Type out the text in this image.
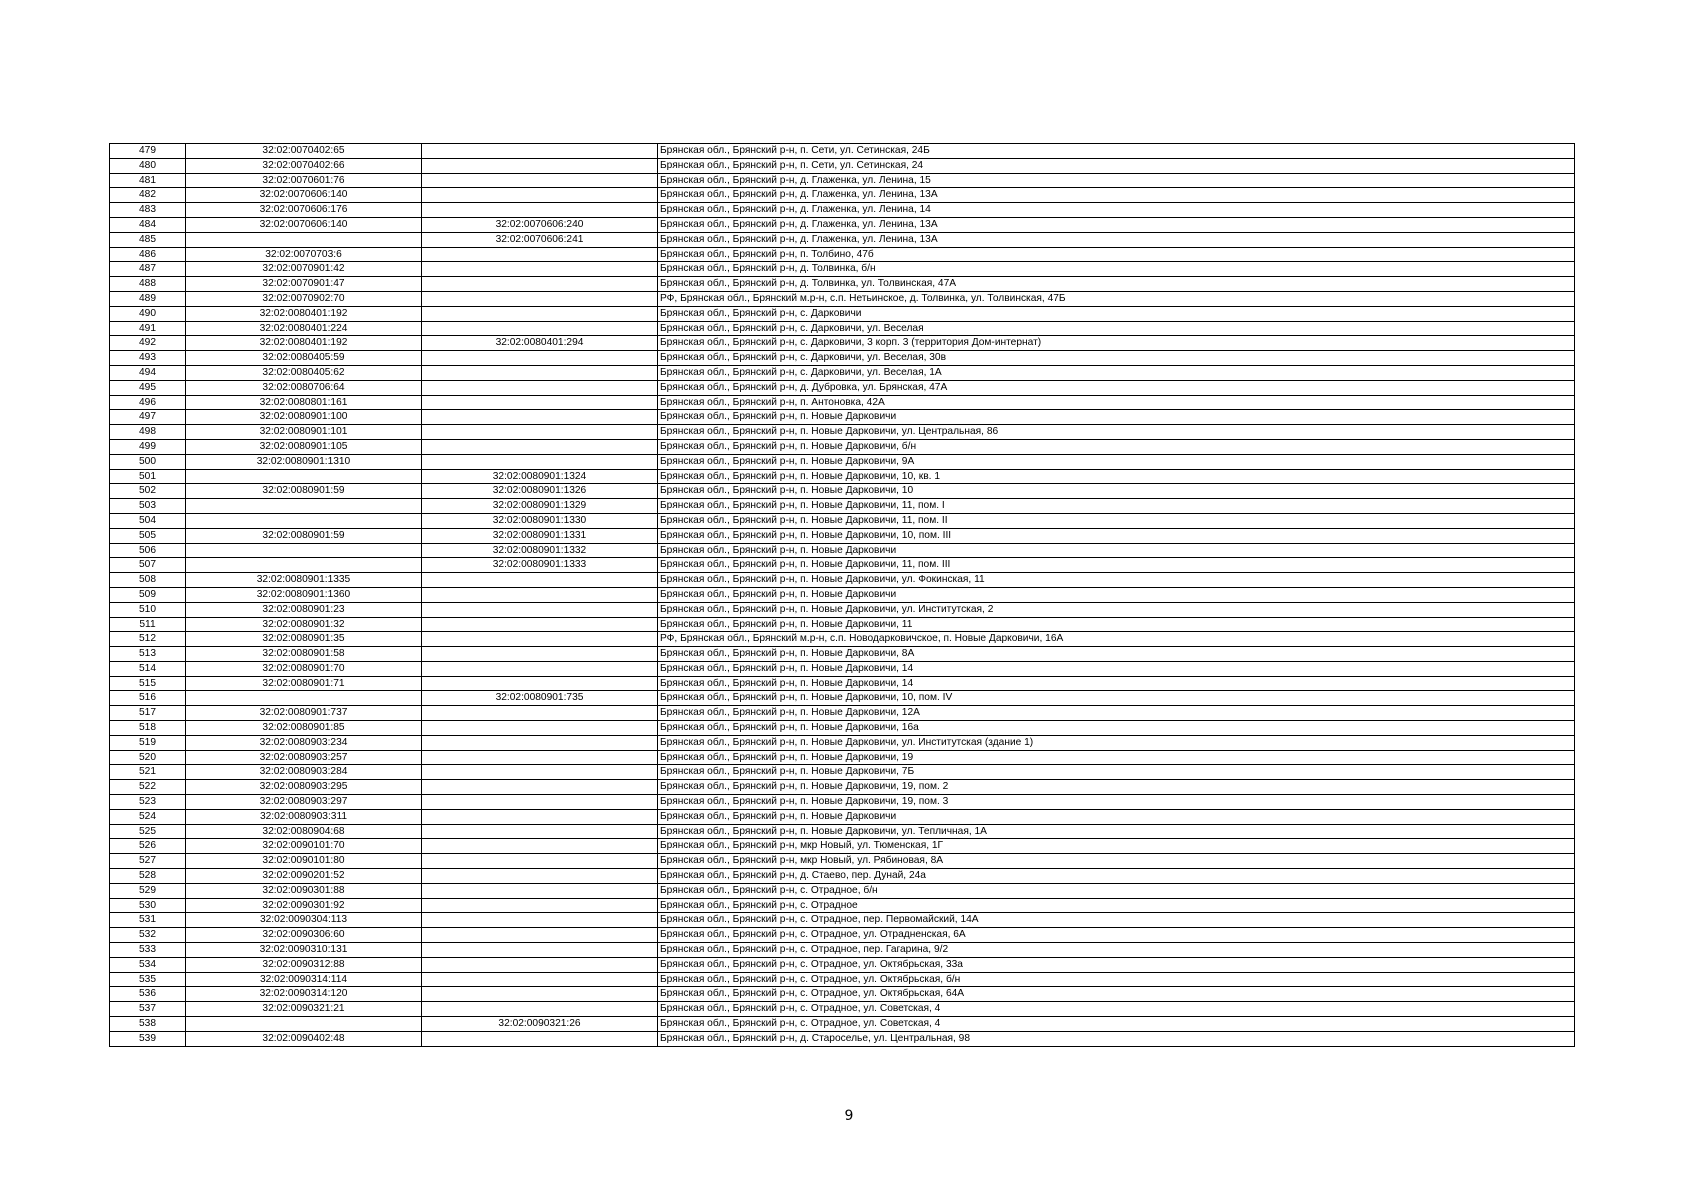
479	32:02:0070402:65		Брянская обл., Брянский р-н, п. Сети, ул. Сетинская, 24Б
480	32:02:0070402:66		Брянская обл., Брянский р-н, п. Сети, ул. Сетинская, 24
481	32:02:0070601:76		Брянская обл., Брянский р-н, д. Глаженка, ул. Ленина, 15
482	32:02:0070606:140		Брянская обл., Брянский р-н, д. Глаженка, ул. Ленина, 13А
483	32:02:0070606:176		Брянская обл., Брянский р-н, д. Глаженка, ул. Ленина, 14
484	32:02:0070606:140	32:02:0070606:240	Брянская обл., Брянский р-н, д. Глаженка, ул. Ленина, 13А
485		32:02:0070606:241	Брянская обл., Брянский р-н, д. Глаженка, ул. Ленина, 13А
486	32:02:0070703:6		Брянская обл., Брянский р-н, п. Толбино, 47б
487	32:02:0070901:42		Брянская обл., Брянский р-н, д. Толвинка, б/н
488	32:02:0070901:47		Брянская обл., Брянский р-н, д. Толвинка, ул. Толвинская, 47А
489	32:02:0070902:70		РФ, Брянская обл., Брянский м.р-н, с.п. Нетьинское, д. Толвинка, ул. Толвинская, 47Б
490	32:02:0080401:192		Брянская обл., Брянский р-н, с. Дарковичи
491	32:02:0080401:224		Брянская обл., Брянский р-н, с. Дарковичи, ул. Веселая
492	32:02:0080401:192	32:02:0080401:294	Брянская обл., Брянский р-н, с. Дарковичи, 3 корп. 3 (территория Дом-интернат)
493	32:02:0080405:59		Брянская обл., Брянский р-н, с. Дарковичи, ул. Веселая, 30в
494	32:02:0080405:62		Брянская обл., Брянский р-н, с. Дарковичи, ул. Веселая, 1А
495	32:02:0080706:64		Брянская обл., Брянский р-н, д. Дубровка, ул. Брянская, 47А
496	32:02:0080801:161		Брянская обл., Брянский р-н, п. Антоновка, 42А
497	32:02:0080901:100		Брянская обл., Брянский р-н, п. Новые Дарковичи
498	32:02:0080901:101		Брянская обл., Брянский р-н, п. Новые Дарковичи, ул. Центральная, 86
499	32:02:0080901:105		Брянская обл., Брянский р-н, п. Новые Дарковичи, б/н
500	32:02:0080901:1310		Брянская обл., Брянский р-н, п. Новые Дарковичи, 9А
501		32:02:0080901:1324	Брянская обл., Брянский р-н, п. Новые Дарковичи, 10, кв. 1
502	32:02:0080901:59	32:02:0080901:1326	Брянская обл., Брянский р-н, п. Новые Дарковичи, 10
503		32:02:0080901:1329	Брянская обл., Брянский р-н, п. Новые Дарковичи, 11, пом. I
504		32:02:0080901:1330	Брянская обл., Брянский р-н, п. Новые Дарковичи, 11, пом. II
505	32:02:0080901:59	32:02:0080901:1331	Брянская обл., Брянский р-н, п. Новые Дарковичи, 10, пом. III
506		32:02:0080901:1332	Брянская обл., Брянский р-н, п. Новые Дарковичи
507		32:02:0080901:1333	Брянская обл., Брянский р-н, п. Новые Дарковичи, 11, пом. III
508	32:02:0080901:1335		Брянская обл., Брянский р-н, п. Новые Дарковичи, ул. Фокинская, 11
509	32:02:0080901:1360		Брянская обл., Брянский р-н, п. Новые Дарковичи
510	32:02:0080901:23		Брянская обл., Брянский р-н, п. Новые Дарковичи, ул. Институтская, 2
511	32:02:0080901:32		Брянская обл., Брянский р-н, п. Новые Дарковичи, 11
512	32:02:0080901:35		РФ, Брянская обл., Брянский м.р-н, с.п. Новодарковичское, п. Новые Дарковичи, 16А
513	32:02:0080901:58		Брянская обл., Брянский р-н, п. Новые Дарковичи, 8А
514	32:02:0080901:70		Брянская обл., Брянский р-н, п. Новые Дарковичи, 14
515	32:02:0080901:71		Брянская обл., Брянский р-н, п. Новые Дарковичи, 14
516		32:02:0080901:735	Брянская обл., Брянский р-н, п. Новые Дарковичи, 10, пом. IV
517	32:02:0080901:737		Брянская обл., Брянский р-н, п. Новые Дарковичи, 12А
518	32:02:0080901:85		Брянская обл., Брянский р-н, п. Новые Дарковичи, 16а
519	32:02:0080903:234		Брянская обл., Брянский р-н, п. Новые Дарковичи, ул. Институтская (здание 1)
520	32:02:0080903:257		Брянская обл., Брянский р-н, п. Новые Дарковичи, 19
521	32:02:0080903:284		Брянская обл., Брянский р-н, п. Новые Дарковичи, 7Б
522	32:02:0080903:295		Брянская обл., Брянский р-н, п. Новые Дарковичи, 19, пом. 2
523	32:02:0080903:297		Брянская обл., Брянский р-н, п. Новые Дарковичи, 19, пом. 3
524	32:02:0080903:311		Брянская обл., Брянский р-н, п. Новые Дарковичи
525	32:02:0080904:68		Брянская обл., Брянский р-н, п. Новые Дарковичи, ул. Тепличная, 1А
526	32:02:0090101:70		Брянская обл., Брянский р-н, мкр Новый, ул. Тюменская, 1Г
527	32:02:0090101:80		Брянская обл., Брянский р-н, мкр Новый, ул. Рябиновая, 8А
528	32:02:0090201:52		Брянская обл., Брянский р-н, д. Стаево, пер. Дунай, 24а
529	32:02:0090301:88		Брянская обл., Брянский р-н, с. Отрадное, б/н
530	32:02:0090301:92		Брянская обл., Брянский р-н, с. Отрадное
531	32:02:0090304:113		Брянская обл., Брянский р-н, с. Отрадное, пер. Первомайский, 14А
532	32:02:0090306:60		Брянская обл., Брянский р-н, с. Отрадное, ул. Отрадненская, 6А
533	32:02:0090310:131		Брянская обл., Брянский р-н, с. Отрадное, пер. Гагарина, 9/2
534	32:02:0090312:88		Брянская обл., Брянский р-н, с. Отрадное, ул. Октябрьская, 33а
535	32:02:0090314:114		Брянская обл., Брянский р-н, с. Отрадное, ул. Октябрьская, б/н
536	32:02:0090314:120		Брянская обл., Брянский р-н, с. Отрадное, ул. Октябрьская, 64А
537	32:02:0090321:21		Брянская обл., Брянский р-н, с. Отрадное, ул. Советская, 4
538		32:02:0090321:26	Брянская обл., Брянский р-н, с. Отрадное, ул. Советская, 4
539	32:02:0090402:48		Брянская обл., Брянский р-н, д. Староселье, ул. Центральная, 98
9
